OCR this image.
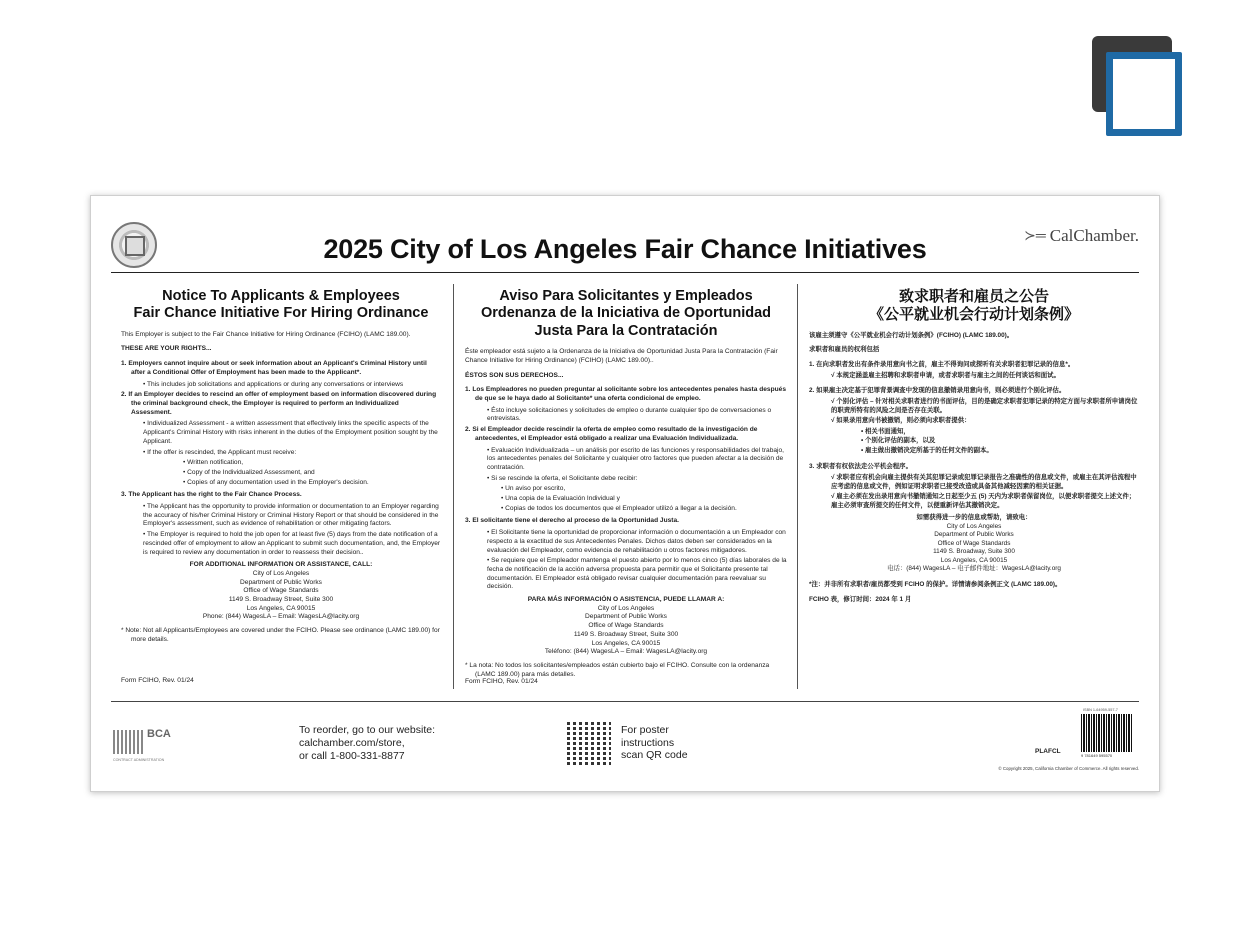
2025 City of Los Angeles Fair Chance Initiatives	≻═ CalChamber.
Notice To Applicants & Employees
Fair Chance Initiative For Hiring Ordinance

This Employer is subject to the Fair Chance Initiative for Hiring Ordinance (FCIHO) (LAMC 189.00).

THESE ARE YOUR RIGHTS...

1. Employers cannot inquire about or seek information about an Applicant's Criminal History until after a Conditional Offer of Employment has been made to the Applicant*.

• This includes job solicitations and applications or during any conversations or interviews

2. If an Employer decides to rescind an offer of employment based on information discovered during the criminal background check, the Employer is required to perform an Individualized Assessment.

• Individualized Assessment - a written assessment that effectively links the specific aspects of the Applicant's Criminal History with risks inherent in the duties of the Employment position sought by the Applicant.

• If the offer is rescinded, the Applicant must receive:

• Written notification,

• Copy of the Individualized Assessment, and

• Copies of any documentation used in the Employer's decision.

3. The Applicant has the right to the Fair Chance Process.

• The Applicant has the opportunity to provide information or documentation to an Employer regarding the accuracy of his/her Criminal History or Criminal History Report or that should be considered in the Employer's assessment, such as evidence of rehabilitation or other mitigating factors.

• The Employer is required to hold the job open for at least five (5) days from the date notification of a rescinded offer of employment to allow an Applicant to submit such documentation, and, the Employer is required to review any documentation in order to reassess their decision..

FOR ADDITIONAL INFORMATION OR ASSISTANCE, CALL:

City of Los Angeles

Department of Public Works

Office of Wage Standards

1149 S. Broadway Street, Suite 300

Los Angeles, CA 90015

Phone: (844) WagesLA – Email: WagesLA@lacity.org

* Note: Not all Applicants/Employees are covered under the FCIHO. Please see ordinance (LAMC 189.00) for more details.

Form FCIHO, Rev. 01/24

Aviso Para Solicitantes y Empleados
Ordenanza de la Iniciativa de Oportunidad
Justa Para la Contratación

Éste empleador está sujeto a la Ordenanza de la Iniciativa de Oportunidad Justa Para la Contratación (Fair Chance Initiative for Hiring Ordinance) (FCIHO) (LAMC 189.00)..

ÉSTOS SON SUS DERECHOS...

1. Los Empleadores no pueden preguntar al solicitante sobre los antecedentes penales hasta después de que se le haya dado al Solicitante* una oferta condicional de empleo.

• Ésto incluye solicitaciones y solicitudes de empleo o durante cualquier tipo de conversaciones o entrevistas.

2. Si el Empleador decide rescindir la oferta de empleo como resultado de la investigación de antecedentes, el Empleador está obligado a realizar una Evaluación Individualizada.

• Evaluación Individualizada – un análisis por escrito de las funciones y responsabilidades del trabajo, los antecedentes penales del Solicitante y cualquier otro factores que pueden afectar a la decisión de contratación.

• Si se rescinde la oferta, el Solicitante debe recibir:

• Un aviso por escrito,

• Una copia de la Evaluación Individual y

• Copias de todos los documentos que el Empleador utilizó a llegar a la decisión.

3. El solicitante tiene el derecho al proceso de la Oportunidad Justa.

• El Solicitante tiene la oportunidad de proporcionar información o documentación a un Empleador con respecto a la exactitud de sus Antecedentes Penales. Dichos datos deben ser considerados en la evaluación del Empleador, como evidencia de rehabilitación u otros factores mitigadores.

• Se requiere que el Empleador mantenga el puesto abierto por lo menos cinco (5) días laborales de la fecha de notificación de la acción adversa propuesta para permitir que el Solicitante presente tal documentación. El Empleador está obligado revisar cualquier documentación para reevaluar su decisión.

PARA MÁS INFORMACIÓN O ASISTENCIA, PUEDE LLAMAR A:

City of Los Angeles

Department of Public Works

Office of Wage Standards

1149 S. Broadway Street, Suite 300

Los Angeles, CA 90015

Teléfono: (844) WagesLA – Email: WagesLA@lacity.org

* La nota: No todos los solicitantes/empleados están cubierto bajo el FCIHO. Consulte con la ordenanza (LAMC 189.00) para más detalles.

Form FCIHO, Rev. 01/24

致求职者和雇员之公告
《公平就业机会行动计划条例》

该雇主须遵守《公平就业机会行动计划条例》(FCIHO) (LAMC 189.00)。

求职者和雇员的权利包括

1. 在向求职者发出有条件录用意向书之前，雇主不得询问或探听有关求职者犯罪记录的信息*。

√ 本规定涵盖雇主招聘和求职者申请，或者求职者与雇主之间的任何谈话和面试。

2. 如果雇主决定基于犯罪背景调查中发现的信息撤销录用意向书，则必须进行个别化评估。

√ 个别化评估 – 针对相关求职者进行的书面评估，目的是确定求职者犯罪记录的特定方面与求职者所申请岗位的职责所特有的风险之间是否存在关联。

√ 如果录用意向书被撤销，则必须向求职者提供：

• 相关书面通知，

• 个别化评估的副本，以及

• 雇主做出撤销决定所基于的任何文件的副本。

3. 求职者有权依法走公平机会程序。

√ 求职者应有机会向雇主提供有关其犯罪记录或犯罪记录报告之准确性的信息或文件，或雇主在其评估流程中应考虑的信息或文件，例如证明求职者已接受改造或具备其他减轻因素的相关证据。

√ 雇主必须在发出录用意向书撤销通知之日起至少五 (5) 天内为求职者保留岗位，以便求职者提交上述文件；雇主必须审查所提交的任何文件，以便重新评估其撤销决定。

如需获得进一步的信息或帮助，请致电：

City of Los Angeles

Department of Public Works

Office of Wage Standards

1149 S. Broadway, Suite 300

Los Angeles, CA 90015

电话：(844) WagesLA – 电子邮件地址：WagesLA@lacity.org

*注：并非所有求职者/雇员都受到 FCIHO 的保护。详情请参阅条例正文 (LAMC 189.00)。

FCIHO 表，修订时间：2024 年 1 月

BCA
CONTRACT ADMINISTRATION
To reorder, go to our website:
calchamber.com/store,
or call 1-800-331-8877
For poster
instructions
scan QR code
ISBN 1-64959-557-7
9 781649 595570
PLAFCL
© Copyright 2025, California Chamber of Commerce. All rights reserved.
